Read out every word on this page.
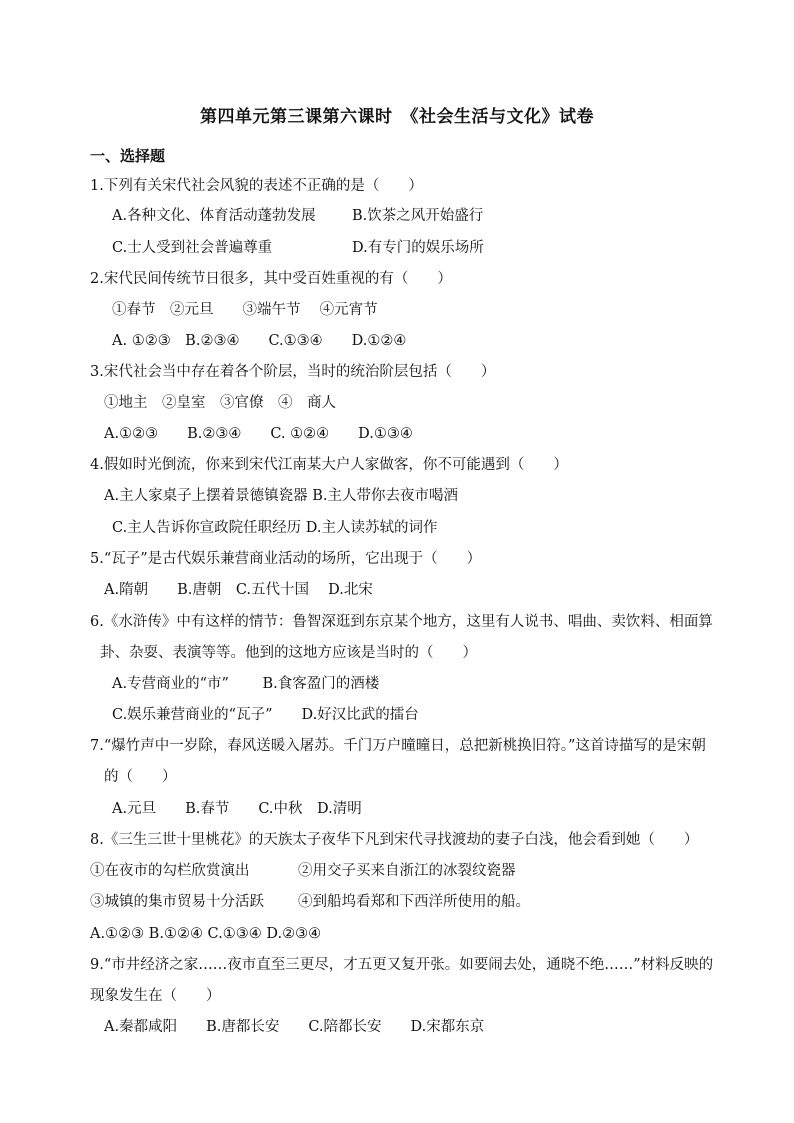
第四单元第三课第六课时　《社会生活与文化》试卷
一、选择题
1.下列有关宋代社会风貌的表述不正确的是（　　）
A.各种文化、体育活动蓬勃发展	B.饮茶之风开始盛行
C.士人受到社会普遍尊重	D.有专门的娱乐场所
2.宋代民间传统节日很多，其中受百姓重视的有（　　）
①春节　②元旦　　③端午节　 ④元宵节
A. ①②③　B.②③④　　C.①③④　　D.①②④
3.宋代社会当中存在着各个阶层，当时的统治阶层包括（　　）
①地主　②皇室　③官僚　④　商人
A.①②③　　B.②③④　　C. ①②④　　D.①③④
4.假如时光倒流，你来到宋代江南某大户人家做客，你不可能遇到（　　）
A.主人家桌子上摆着景德镇瓷器 B.主人带你去夜市喝酒
C.主人告诉你宣政院任职经历 D.主人读苏轼的词作
5.“瓦子”是古代娱乐兼营商业活动的场所，它出现于（　　）
A.隋朝　　B.唐朝　C.五代十国　 D.北宋
6.《水浒传》中有这样的情节：鲁智深逛到东京某个地方，这里有人说书、唱曲、卖饮料、相面算
卦、杂耍、表演等等。他到的这地方应该是当时的（　　）
A.专营商业的“市”　　 B.食客盈门的酒楼
C.娱乐兼营商业的“瓦子”　　D.好汉比武的擂台
7.“爆竹声中一岁除，春风送暖入屠苏。千门万户曈曈日，总把新桃换旧符。”这首诗描写的是宋朝
的（　　）
A.元旦　　B.春节　　C.中秋　D.清明
8.《三生三世十里桃花》的天族太子夜华下凡到宋代寻找渡劫的妻子白浅，他会看到她（　　）
①在夜市的勾栏欣赏演出	②用交子买来自浙江的冰裂纹瓷器
③城镇的集市贸易十分活跃 ④到船坞看郑和下西洋所使用的船。
A.①②③ B.①②④ C.①③④ D.②③④
9.“市井经济之家……夜市直至三更尽，才五更又复开张。如要闹去处，通晓不绝……”材料反映的
现象发生在（　　）
A.秦都咸阳　　B.唐都长安　　C.陪都长安　　D.宋都东京
